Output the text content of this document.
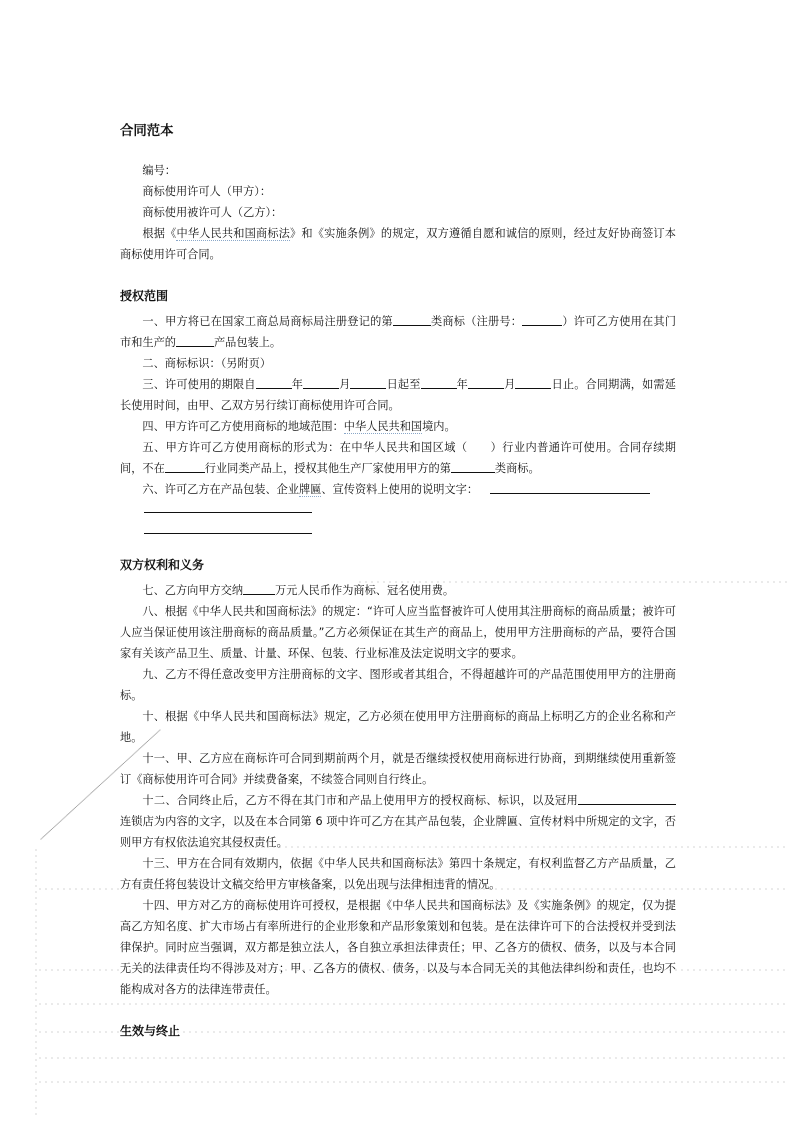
合同范本

编号：

商标使用许可人（甲方）：

商标使用被许可人（乙方）：

根据《中华人民共和国商标法》和《实施条例》的规定，双方遵循自愿和诚信的原则，经过友好协商签订本商标使用许可合同。

授权范围

一、甲方将已在国家工商总局商标局注册登记的第	类商标（注册号：	）许可乙方使用在其门市和生产的	产品包装上。

二、商标标识：（另附页）

三、许可使用的期限自	年	月	日起至	年	月	日止。合同期满，如需延长使用时间，由甲、乙双方另行续订商标使用许可合同。

四、甲方许可乙方使用商标的地域范围：中华人民共和国境内。

五、甲方许可乙方使用商标的形式为：在中华人民共和国区域（　　）行业内普通许可使用。合同存续期间，不在	行业同类产品上，授权其他生产厂家使用甲方的第	类商标。

六、许可乙方在产品包装、企业牌匾、宣传资料上使用的说明文字：

双方权利和义务

七、乙方向甲方交纳	万元人民币作为商标、冠名使用费。

八、根据《中华人民共和国商标法》的规定：“许可人应当监督被许可人使用其注册商标的商品质量；被许可人应当保证使用该注册商标的商品质量。”乙方必须保证在其生产的商品上，使用甲方注册商标的产品，要符合国家有关该产品卫生、质量、计量、环保、包装、行业标准及法定说明文字的要求。

九、乙方不得任意改变甲方注册商标的文字、图形或者其组合，不得超越许可的产品范围使用甲方的注册商标。

十、根据《中华人民共和国商标法》规定，乙方必须在使用甲方注册商标的商品上标明乙方的企业名称和产地。

十一、甲、乙方应在商标许可合同到期前两个月，就是否继续授权使用商标进行协商，到期继续使用重新签订《商标使用许可合同》并续费备案，不续签合同则自行终止。

十二、合同终止后，乙方不得在其门市和产品上使用甲方的授权商标、标识，以及冠用连锁店为内容的文字，以及在本合同第 6 项中许可乙方在其产品包装，企业牌匾、宣传材料中所规定的文字，否则甲方有权依法追究其侵权责任。

十三、甲方在合同有效期内，依据《中华人民共和国商标法》第四十条规定，有权利监督乙方产品质量，乙方有责任将包装设计文稿交给甲方审核备案，以免出现与法律相违背的情况。

十四、甲方对乙方的商标使用许可授权，是根据《中华人民共和国商标法》及《实施条例》的规定，仅为提高乙方知名度、扩大市场占有率所进行的企业形象和产品形象策划和包装。是在法律许可下的合法授权并受到法律保护。同时应当强调，双方都是独立法人，各自独立承担法律责任；甲、乙各方的债权、债务，以及与本合同无关的法律责任均不得涉及对方；甲、乙各方的债权、债务，以及与本合同无关的其他法律纠纷和责任，也均不能构成对各方的法律连带责任。

生效与终止
